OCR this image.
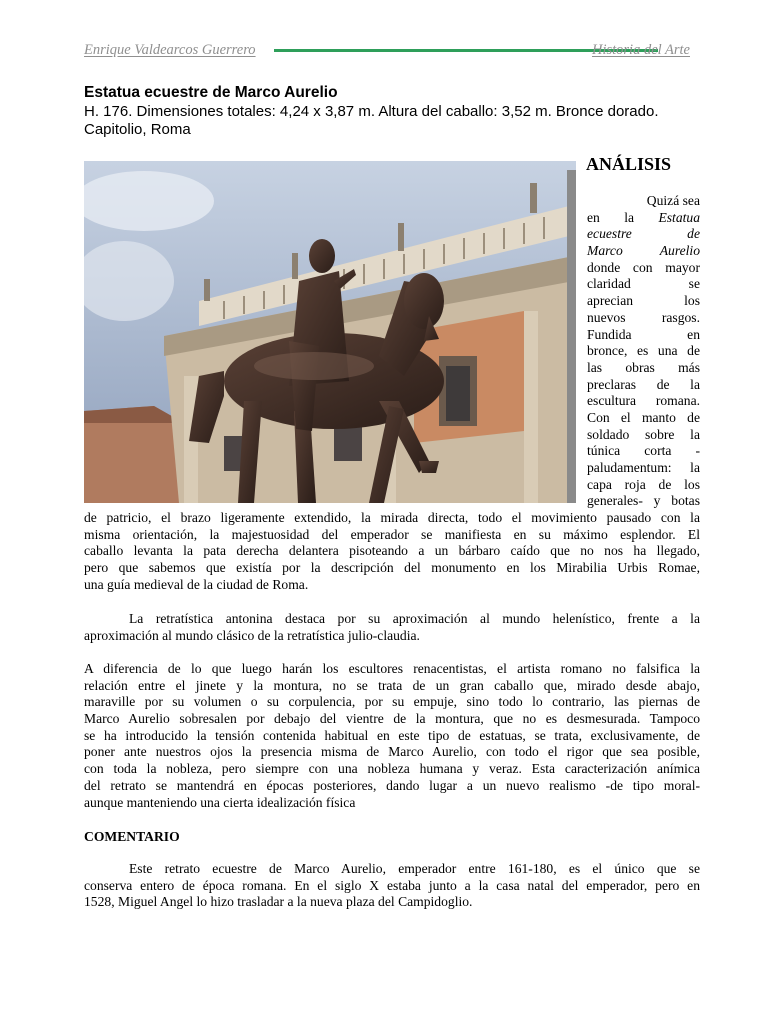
Enrique Valdearcos Guerrero	Historia del Arte
Estatua ecuestre de Marco Aurelio
H. 176. Dimensiones totales: 4,24 x 3,87 m. Altura del caballo: 3,52 m. Bronce dorado.
Capitolio, Roma
ANÁLISIS
Quizá sea
en la Estatua
ecuestre de
Marco Aurelio
donde con mayor
claridad se
aprecian los
nuevos rasgos.
Fundida en
bronce, es una de
las obras más
preclaras de la
escultura romana.
Con el manto de
soldado sobre la
túnica corta -
paludamentum: la
capa roja de los
generales- y botas
de patricio, el brazo ligeramente extendido, la mirada directa, todo el movimiento pausado con la
misma orientación, la majestuosidad del emperador se manifiesta en su máximo esplendor. El
caballo levanta la pata derecha delantera pisoteando a un bárbaro caído que no nos ha llegado,
pero que sabemos que existía por la descripción del monumento en los Mirabilia Urbis Romae,
una guía medieval de la ciudad de Roma.
La retratística antonina destaca por su aproximación al mundo helenístico, frente a la
aproximación al mundo clásico de la retratística julio-claudia.
A diferencia de lo que luego harán los escultores renacentistas, el artista romano no falsifica la
relación entre el jinete y la montura, no se trata de un gran caballo que, mirado desde abajo,
maraville por su volumen o su corpulencia, por su empuje, sino todo lo contrario, las piernas de
Marco Aurelio sobresalen por debajo del vientre de la montura, que no es desmesurada. Tampoco
se ha introducido la tensión contenida habitual en este tipo de estatuas, se trata, exclusivamente, de
poner ante nuestros ojos la presencia misma de Marco Aurelio, con todo el rigor que sea posible,
con toda la nobleza, pero siempre con una nobleza humana y veraz. Esta caracterización anímica
del retrato se mantendrá en épocas posteriores, dando lugar a un nuevo realismo -de tipo moral-
aunque manteniendo una cierta idealización física
COMENTARIO
Este retrato ecuestre de Marco Aurelio, emperador entre 161-180, es el único que se
conserva entero de época romana. En el siglo X estaba junto a la casa natal del emperador, pero en
1528, Miguel Angel lo hizo trasladar a la nueva plaza del Campidoglio.
